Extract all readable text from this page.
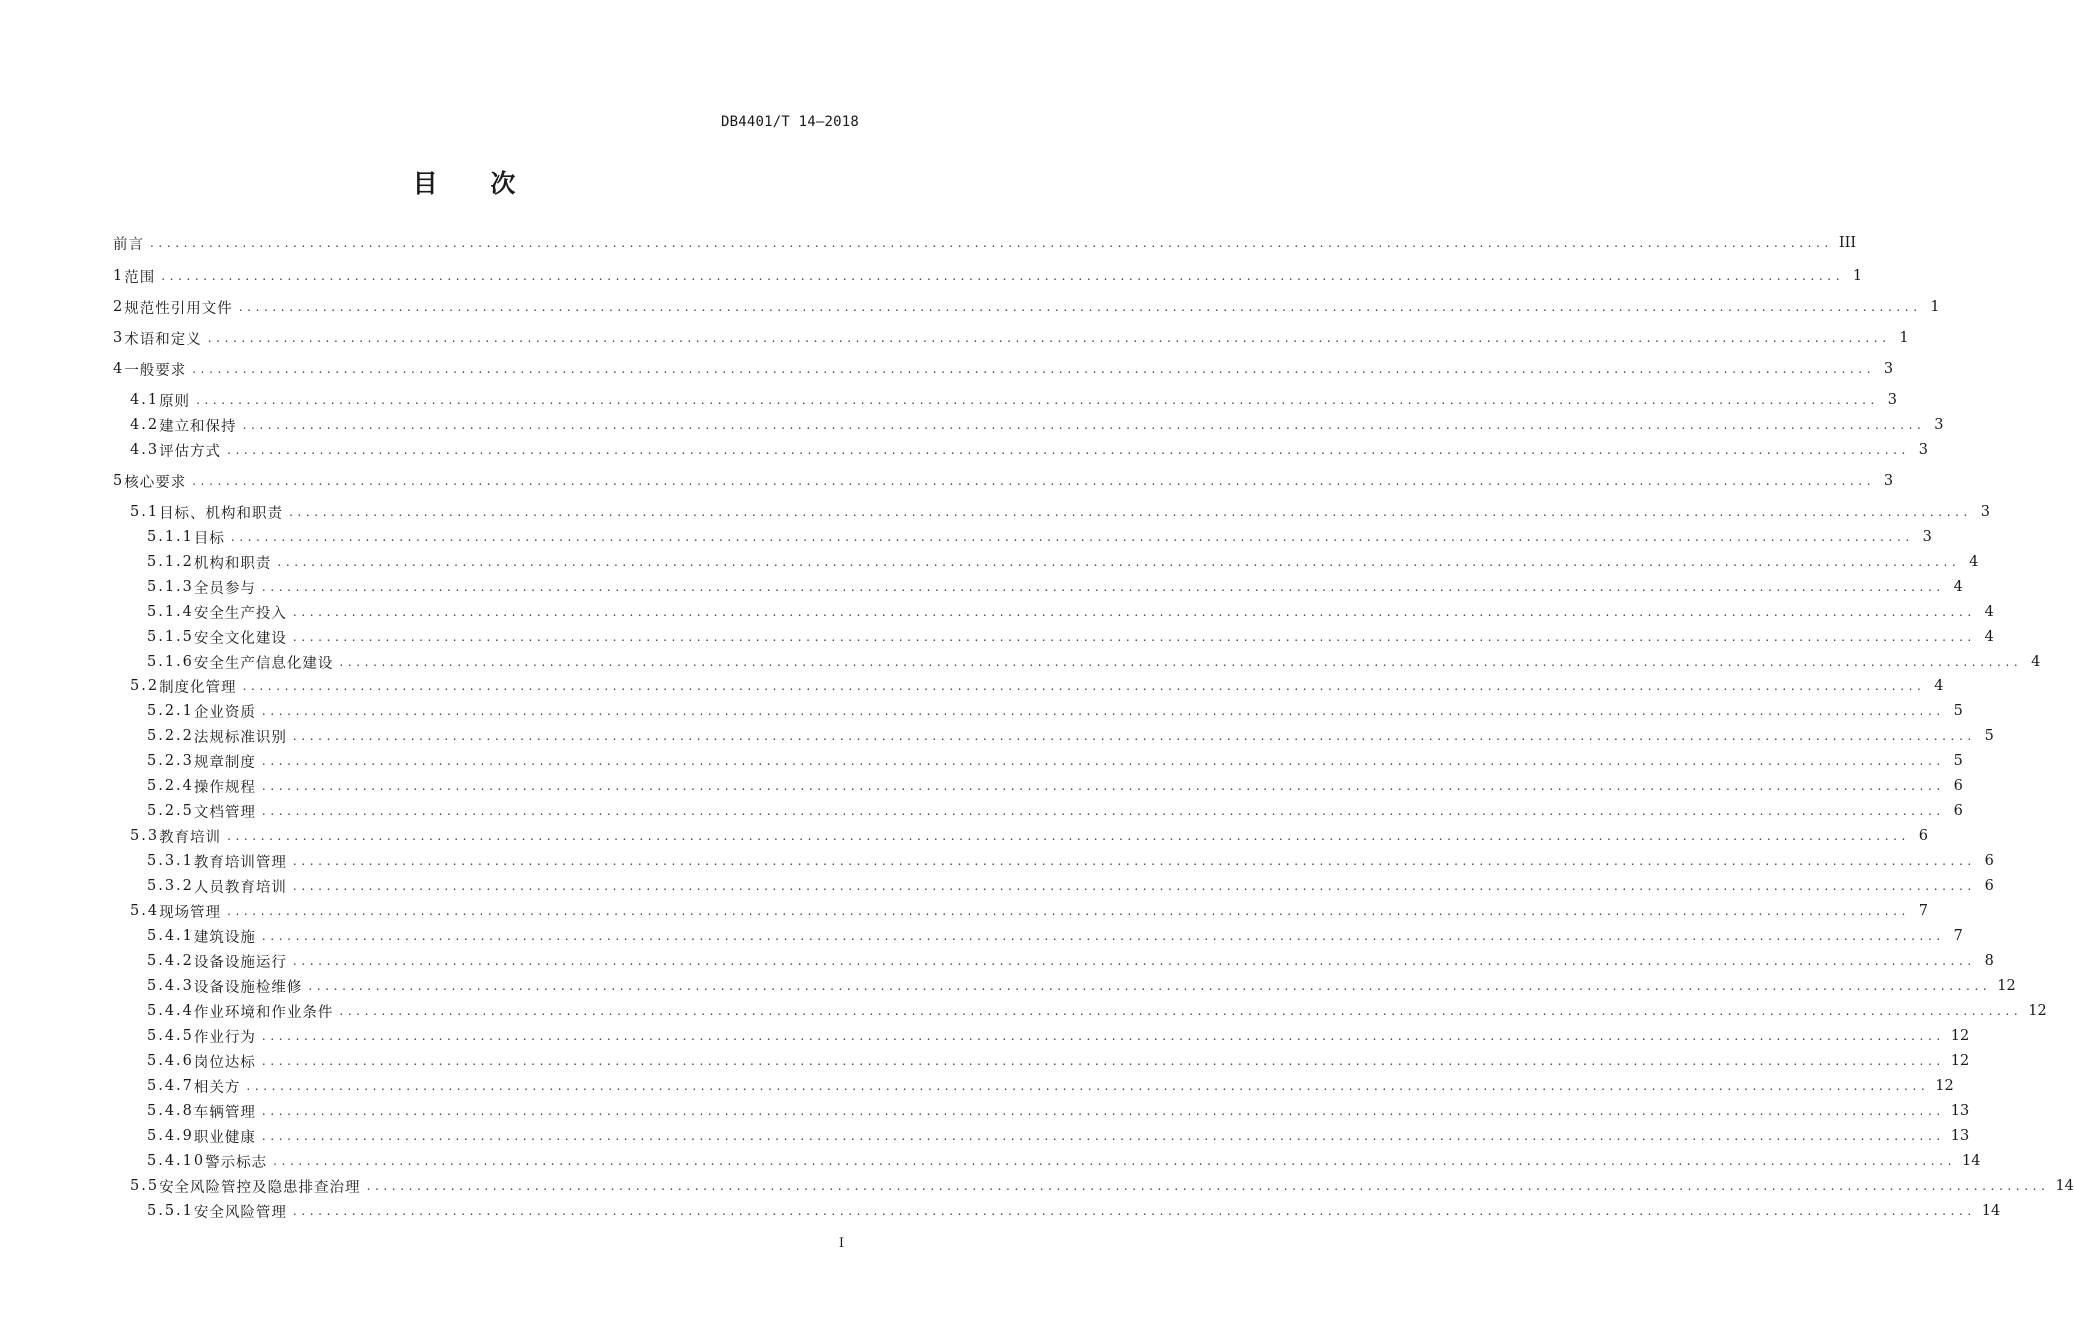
DB4401/T 14—2018
目 次
前言 ........................................................................................................................................................................................................ III
1 范围 ........................................................................................................................................................................................................ 1
2 规范性引用文件 ........................................................................................................................................................................................................ 1
3 术语和定义 ........................................................................................................................................................................................................ 1
4 一般要求 ........................................................................................................................................................................................................ 3
4.1 原则 ........................................................................................................................................................................................................ 3
4.2 建立和保持 ........................................................................................................................................................................................................ 3
4.3 评估方式 ........................................................................................................................................................................................................ 3
5 核心要求 ........................................................................................................................................................................................................ 3
5.1 目标、机构和职责 ........................................................................................................................................................................................................ 3
5.1.1 目标 ........................................................................................................................................................................................................ 3
5.1.2 机构和职责 ........................................................................................................................................................................................................ 4
5.1.3 全员参与 ........................................................................................................................................................................................................ 4
5.1.4 安全生产投入 ........................................................................................................................................................................................................ 4
5.1.5 安全文化建设 ........................................................................................................................................................................................................ 4
5.1.6 安全生产信息化建设 ........................................................................................................................................................................................................ 4
5.2 制度化管理 ........................................................................................................................................................................................................ 4
5.2.1 企业资质 ........................................................................................................................................................................................................ 5
5.2.2 法规标准识别 ........................................................................................................................................................................................................ 5
5.2.3 规章制度 ........................................................................................................................................................................................................ 5
5.2.4 操作规程 ........................................................................................................................................................................................................ 6
5.2.5 文档管理 ........................................................................................................................................................................................................ 6
5.3 教育培训 ........................................................................................................................................................................................................ 6
5.3.1 教育培训管理 ........................................................................................................................................................................................................ 6
5.3.2 人员教育培训 ........................................................................................................................................................................................................ 6
5.4 现场管理 ........................................................................................................................................................................................................ 7
5.4.1 建筑设施 ........................................................................................................................................................................................................ 7
5.4.2 设备设施运行 ........................................................................................................................................................................................................ 8
5.4.3 设备设施检维修 ........................................................................................................................................................................................................ 12
5.4.4 作业环境和作业条件 ........................................................................................................................................................................................................ 12
5.4.5 作业行为 ........................................................................................................................................................................................................ 12
5.4.6 岗位达标 ........................................................................................................................................................................................................ 12
5.4.7 相关方 ........................................................................................................................................................................................................ 12
5.4.8 车辆管理 ........................................................................................................................................................................................................ 13
5.4.9 职业健康 ........................................................................................................................................................................................................ 13
5.4.10 警示标志 ........................................................................................................................................................................................................ 14
5.5 安全风险管控及隐患排查治理 ........................................................................................................................................................................................................ 14
5.5.1 安全风险管理 ........................................................................................................................................................................................................ 14
I
